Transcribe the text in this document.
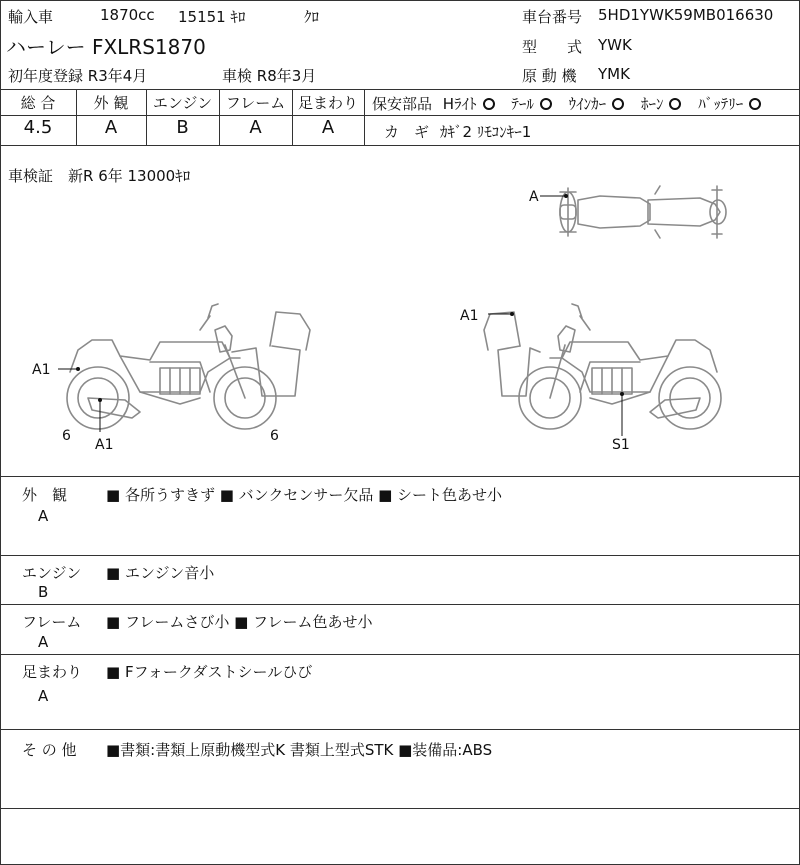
輸入車	1870cc 15151 ｷﾛ	ｸﾛ
ハーレー FXLRS1870
初年度登録 R3年4月	車検 R8年3月
車台番号 5HD1YWK59MB016630
型　　式 YWK
原 動 機 YMK
総 合	外 観	エンジン フレーム 足まわり
4.5	A	B	A	A
保安部品 Hﾗｲﾄ ﾃｰﾙ ｳｲﾝｶｰ ﾎｰﾝ ﾊﾞｯﾃﾘｰ
カ　ギ ｶｷﾞ2 ﾘﾓｺﾝｷｰ1
車検証　新R 6年 13000ｷﾛ
A
A1
6
A1
6
A1
S1
外　観
A
■ 各所うすきず ■ バンクセンサー欠品 ■ シート色あせ小
エンジン
B
■ エンジン音小
フレーム
A
■ フレームさび小 ■ フレーム色あせ小
足まわり
A
■ Fフォークダストシールひび
そ の 他 ■書類:書類上原動機型式K 書類上型式STK ■装備品:ABS
